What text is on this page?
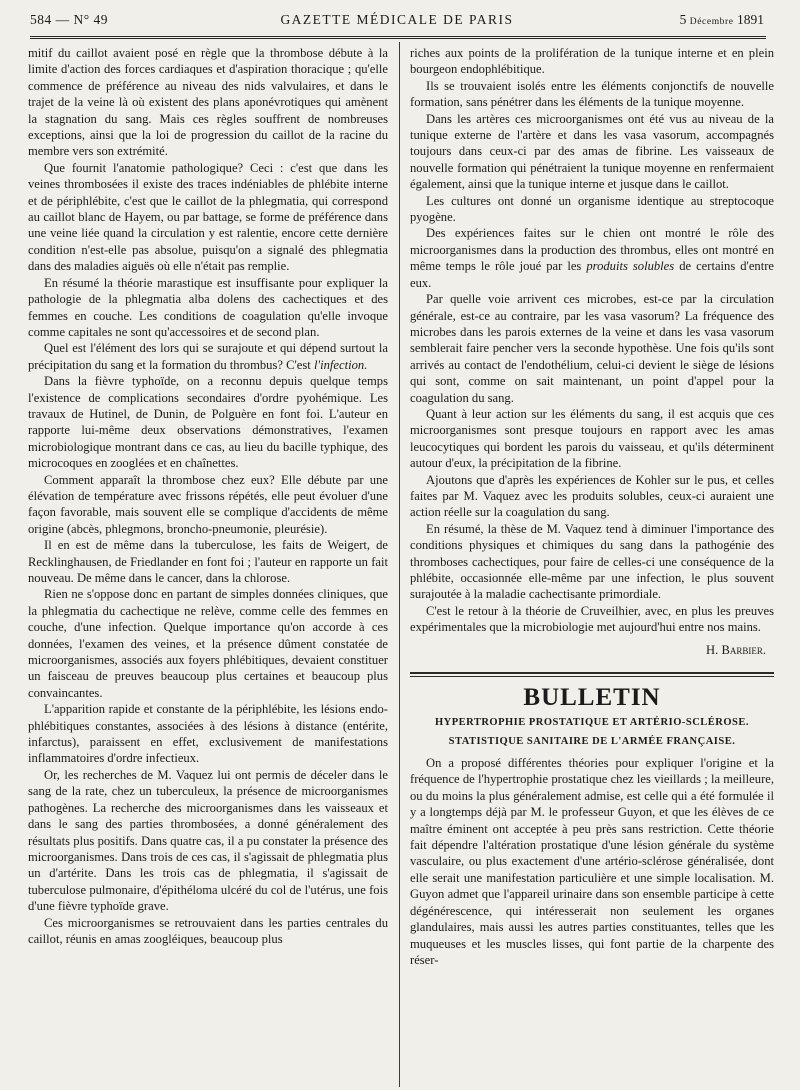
584 — N° 49	GAZETTE MÉDICALE DE PARIS	5 Décembre 1891

mitif du caillot avaient posé en règle que la thrombose débute à la limite d'action des forces cardiaques et d'aspiration thoracique ; qu'elle commence de préférence au niveau des nids valvulaires, et dans le trajet de la veine là où existent des plans aponévrotiques qui amènent la stagnation du sang. Mais ces règles souffrent de nombreuses exceptions, ainsi que la loi de progression du caillot de la racine du membre vers son extrémité.

Que fournit l'anatomie pathologique? Ceci : c'est que dans les veines thrombosées il existe des traces indéniables de phlébite interne et de périphlébite, c'est que le caillot de la phlegmatia, qui correspond au caillot blanc de Hayem, ou par battage, se forme de préférence dans une veine liée quand la circulation y est ralentie, encore cette dernière condition n'est-elle pas absolue, puisqu'on a signalé des phlegmatia dans des maladies aiguës où elle n'était pas remplie.

En résumé la théorie marastique est insuffisante pour expliquer la pathologie de la phlegmatia alba dolens des cachectiques et des femmes en couche. Les conditions de coagulation qu'elle invoque comme capitales ne sont qu'accessoires et de second plan.

Quel est l'élément des lors qui se surajoute et qui dépend surtout la précipitation du sang et la formation du thrombus? C'est l'infection.

Dans la fièvre typhoïde, on a reconnu depuis quelque temps l'existence de complications secondaires d'ordre pyohémique. Les travaux de Hutinel, de Dunin, de Polguère en font foi. L'auteur en rapporte lui-même deux observations démonstratives, l'examen microbiologique montrant dans ce cas, au lieu du bacille typhique, des microcoques en zooglées et en chaînettes.

Comment apparaît la thrombose chez eux? Elle débute par une élévation de température avec frissons répétés, elle peut évoluer d'une façon favorable, mais souvent elle se complique d'accidents de même origine (abcès, phlegmons, broncho-pneumonie, pleurésie).

Il en est de même dans la tuberculose, les faits de Weigert, de Recklinghausen, de Friedlander en font foi ; l'auteur en rapporte un fait nouveau. De même dans le cancer, dans la chlorose.

Rien ne s'oppose donc en partant de simples données cliniques, que la phlegmatia du cachectique ne relève, comme celle des femmes en couche, d'une infection. Quelque importance qu'on accorde à ces données, l'examen des veines, et la présence dûment constatée de microorganismes, associés aux foyers phlébitiques, devaient constituer un faisceau de preuves beaucoup plus certaines et beaucoup plus convaincantes.

L'apparition rapide et constante de la périphlébite, les lésions endo-phlébitiques constantes, associées à des lésions à distance (entérite, infarctus), paraissent en effet, exclusivement de manifestations inflammatoires d'ordre infectieux.

Or, les recherches de M. Vaquez lui ont permis de déceler dans le sang de la rate, chez un tuberculeux, la présence de microorganismes pathogènes. La recherche des microorganismes dans les vaisseaux et dans le sang des parties thrombosées, a donné généralement des résultats plus positifs. Dans quatre cas, il a pu constater la présence des microorganismes. Dans trois de ces cas, il s'agissait de phlegmatia plus un d'artérite. Dans les trois cas de phlegmatia, il s'agissait de tuberculose pulmonaire, d'épithéloma ulcéré du col de l'utérus, une fois d'une fièvre typhoïde grave.

Ces microorganismes se retrouvaient dans les parties centrales du caillot, réunis en amas zoogléiques, beaucoup plus

riches aux points de la prolifération de la tunique interne et en plein bourgeon endophlébitique.

Ils se trouvaient isolés entre les éléments conjonctifs de nouvelle formation, sans pénétrer dans les éléments de la tunique moyenne.

Dans les artères ces microorganismes ont été vus au niveau de la tunique externe de l'artère et dans les vasa vasorum, accompagnés toujours dans ceux-ci par des amas de fibrine. Les vaisseaux de nouvelle formation qui pénétraient la tunique moyenne en renfermaient également, ainsi que la tunique interne et jusque dans le caillot.

Les cultures ont donné un organisme identique au streptocoque pyogène.

Des expériences faites sur le chien ont montré le rôle des microorganismes dans la production des thrombus, elles ont montré en même temps le rôle joué par les produits solubles de certains d'entre eux.

Par quelle voie arrivent ces microbes, est-ce par la circulation générale, est-ce au contraire, par les vasa vasorum? La fréquence des microbes dans les parois externes de la veine et dans les vasa vasorum semblerait faire pencher vers la seconde hypothèse. Une fois qu'ils sont arrivés au contact de l'endothélium, celui-ci devient le siège de lésions qui sont, comme on sait maintenant, un point d'appel pour la coagulation du sang.

Quant à leur action sur les éléments du sang, il est acquis que ces microorganismes sont presque toujours en rapport avec les amas leucocytiques qui bordent les parois du vaisseau, et qu'ils déterminent autour d'eux, la précipitation de la fibrine.

Ajoutons que d'après les expériences de Kohler sur le pus, et celles faites par M. Vaquez avec les produits solubles, ceux-ci auraient une action réelle sur la coagulation du sang.

En résumé, la thèse de M. Vaquez tend à diminuer l'importance des conditions physiques et chimiques du sang dans la pathogénie des thromboses cachectiques, pour faire de celles-ci une conséquence de la phlébite, occasionnée elle-même par une infection, le plus souvent surajoutée à la maladie cachectisante primordiale.

C'est le retour à la théorie de Cruveilhier, avec, en plus les preuves expérimentales que la microbiologie met aujourd'hui entre nos mains.

H. Barbier.

BULLETIN

HYPERTROPHIE PROSTATIQUE ET ARTÉRIO-SCLÉROSE.

STATISTIQUE SANITAIRE DE L'ARMÉE FRANÇAISE.

On a proposé différentes théories pour expliquer l'origine et la fréquence de l'hypertrophie prostatique chez les vieillards ; la meilleure, ou du moins la plus généralement admise, est celle qui a été formulée il y a longtemps déjà par M. le professeur Guyon, et que les élèves de ce maître éminent ont acceptée à peu près sans restriction. Cette théorie fait dépendre l'altération prostatique d'une lésion générale du système vasculaire, ou plus exactement d'une artério-sclérose généralisée, dont elle serait une manifestation particulière et une simple localisation. M. Guyon admet que l'appareil urinaire dans son ensemble participe à cette dégénérescence, qui intéresserait non seulement les organes glandulaires, mais aussi les autres parties constituantes, telles que les muqueuses et les muscles lisses, qui font partie de la charpente des réser-
